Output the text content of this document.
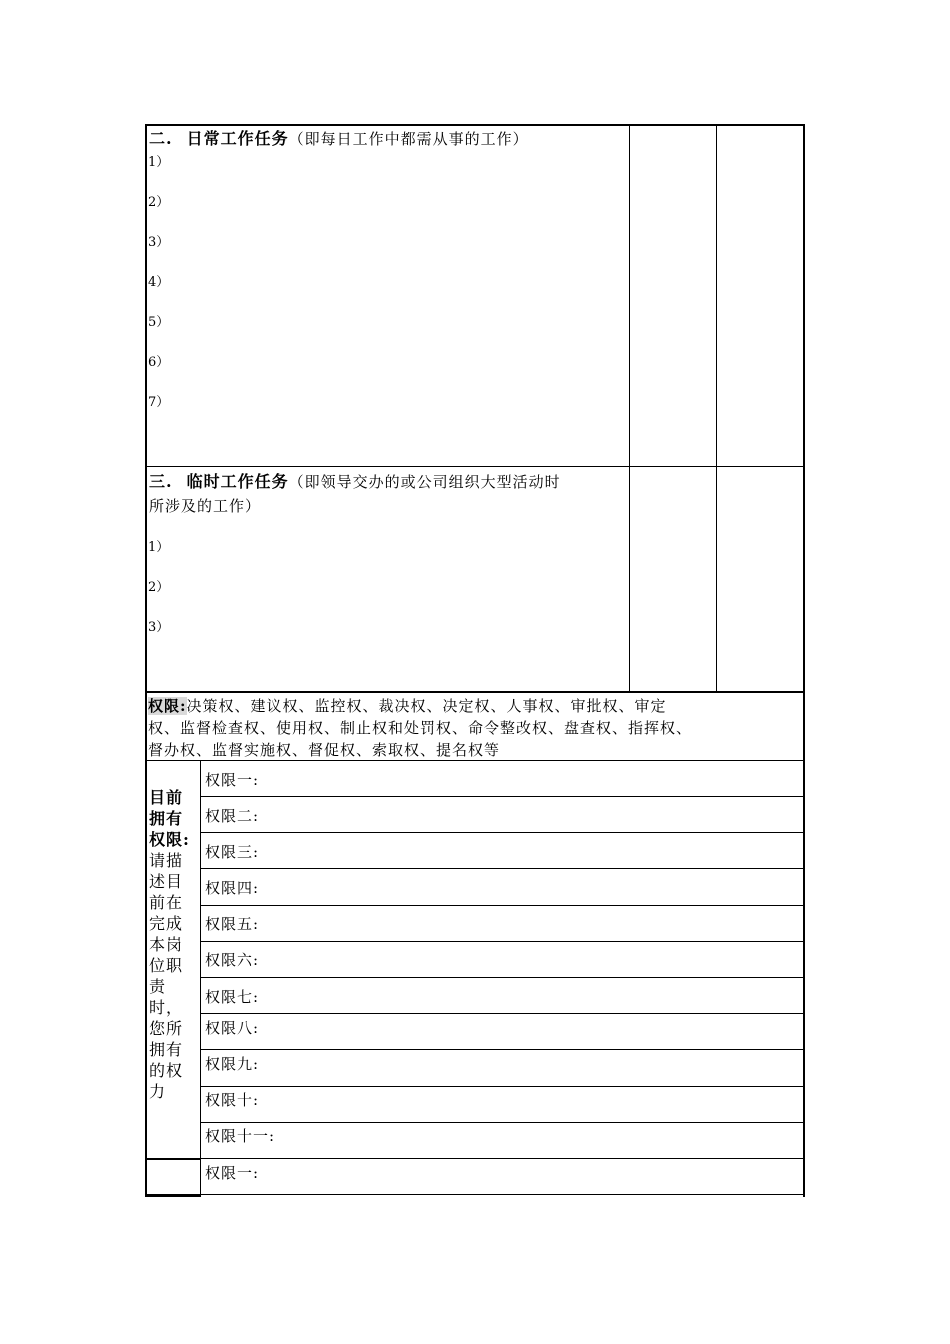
二. 日常工作任务（即每日工作中都需从事的工作）
1）
2）
3）
4）
5）
6）
7）
三. 临时工作任务（即领导交办的或公司组织大型活动时
所涉及的工作）
1）
2）
3）
权限:决策权、建议权、监控权、裁决权、决定权、人事权、审批权、审定
权、监督检查权、使用权、制止权和处罚权、命令整改权、盘查权、指挥权、
督办权、监督实施权、督促权、索取权、提名权等
目前拥有权限:请描述目前在完成本岗位职责时，您所拥有的权力
权限一:
权限二:
权限三:
权限四:
权限五:
权限六:
权限七:
权限八:
权限九:
权限十:
权限十一:
权限一:
